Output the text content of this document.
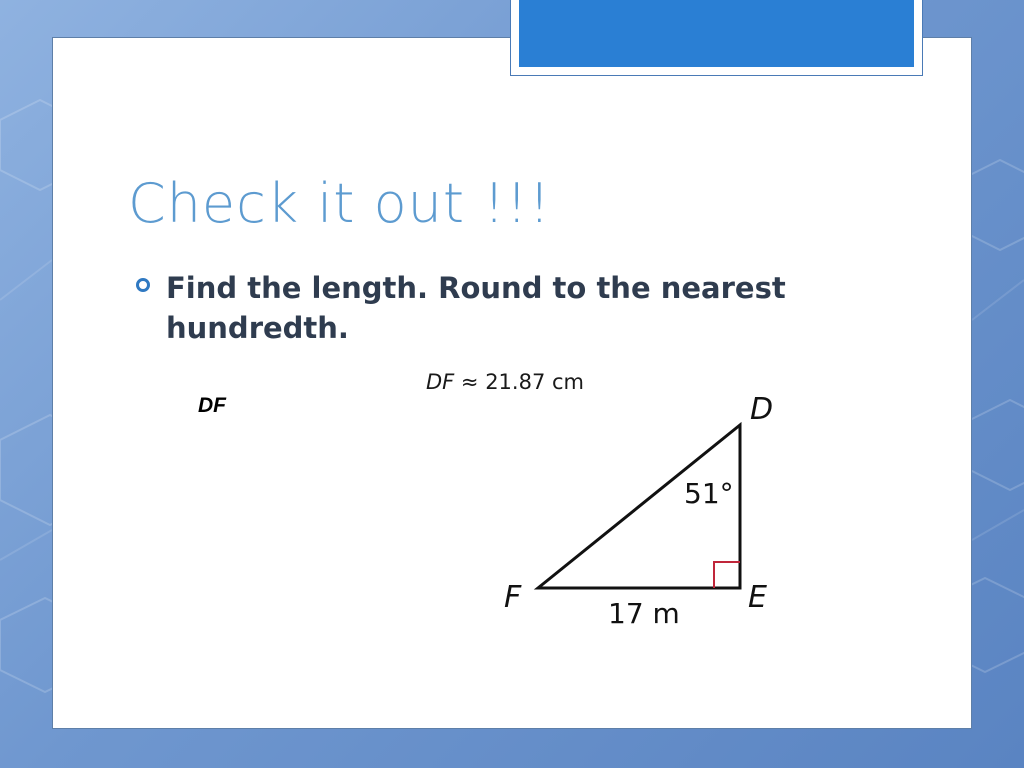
Check it out !!!
Find the length. Round to the nearest hundredth.
DF ≈ 21.87 cm
DF	D
E
F
51°
17 m
